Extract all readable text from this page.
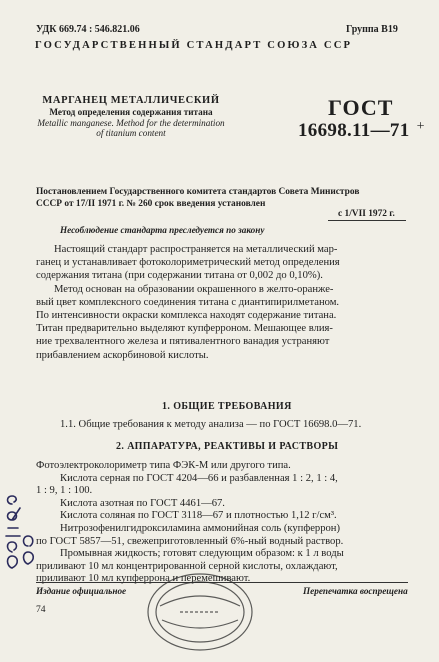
УДК 669.74 : 546.821.06	Группа В19
ГОСУДАРСТВЕННЫЙ СТАНДАРТ СОЮЗА ССР
МАРГАНЕЦ МЕТАЛЛИЧЕСКИЙ
Метод определения содержания титана
Metallic manganese. Method for the determination
of titanium content
ГОСТ
16698.11—71 +
Постановлением Государственного комитета стандартов Совета Министров
СССР от 17/II 1971 г. № 260 срок введения установлен
с 1/VII 1972 г.
Несоблюдение стандарта преследуется по закону
Настоящий стандарт распространяется на металлический мар-
ганец и устанавливает фотоколориметрический метод определения
содержания титана (при содержании титана от 0,002 до 0,10%).
Метод основан на образовании окрашенного в желто-оранже-
вый цвет комплексного соединения титана с диантипирилметаном.
По интенсивности окраски комплекса находят содержание титана.
Титан предварительно выделяют купферроном. Мешающее влия-
ние трехвалентного железа и пятивалентного ванадия устраняют
прибавлением аскорбиновой кислоты.
1. ОБЩИЕ ТРЕБОВАНИЯ
1.1. Общие требования к методу анализа — по ГОСТ 16698.0—71.
2. АППАРАТУРА, РЕАКТИВЫ И РАСТВОРЫ
Фотоэлектроколориметр типа ФЭК-М или другого типа.
Кислота серная по ГОСТ 4204—66 и разбавленная 1 : 2, 1 : 4,
1 : 9, 1 : 100.
Кислота азотная по ГОСТ 4461—67.
Кислота соляная по ГОСТ 3118—67 и плотностью 1,12 г/см³.
Нитрозофенилгидроксиламина аммонийная соль (купферрон)
по ГОСТ 5857—51, свежеприготовленный 6%-ный водный раствор.
Промывная жидкость; готовят следующим образом: к 1 л воды
приливают 10 мл концентрированной серной кислоты, охлаждают,
приливают 10 мл купферрона и перемешивают.
Издание официальное	Перепечатка воспрещена
74
